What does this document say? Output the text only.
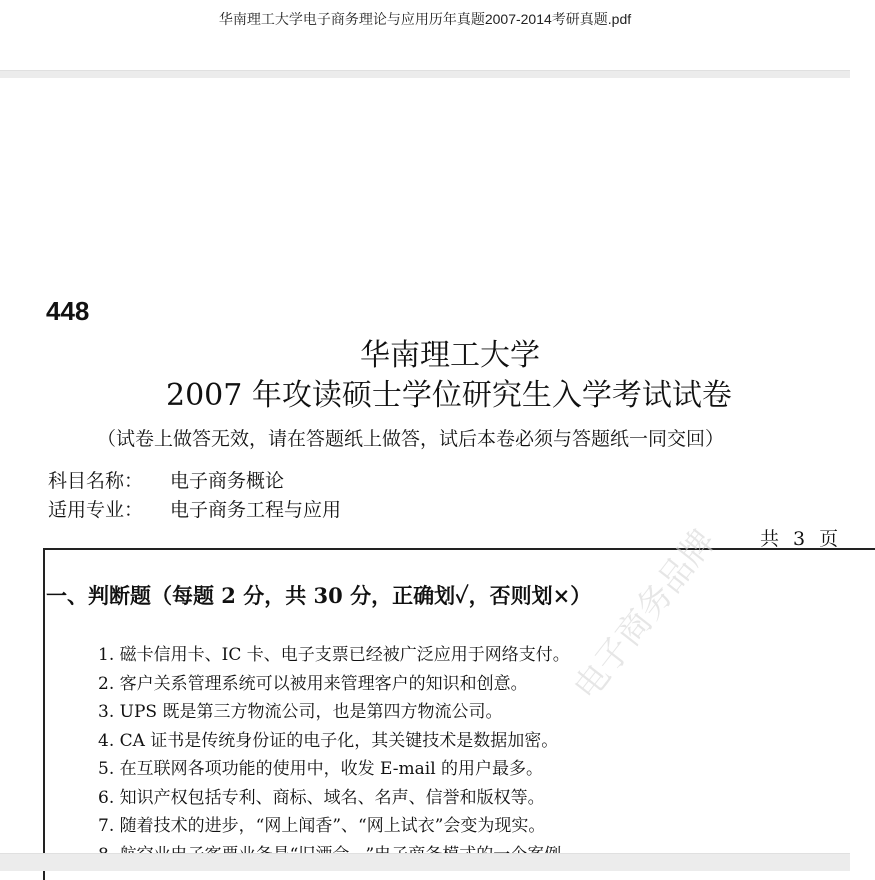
华南理工大学电子商务理论与应用历年真题2007-2014考研真题.pdf
448
华南理工大学
2007 年攻读硕士学位研究生入学考试试卷
（试卷上做答无效，请在答题纸上做答，试后本卷必须与答题纸一同交回）
科目名称： 电子商务概论
适用专业： 电子商务工程与应用
共 3 页
一、判断题（每题 2 分，共 30 分，正确划✓，否则划×）
1. 磁卡信用卡、IC 卡、电子支票已经被广泛应用于网络支付。
2. 客户关系管理系统可以被用来管理客户的知识和创意。
3. UPS 既是第三方物流公司，也是第四方物流公司。
4. CA 证书是传统身份证的电子化，其关键技术是数据加密。
5. 在互联网各项功能的使用中，收发 E-mail 的用户最多。
6. 知识产权包括专利、商标、域名、名声、信誉和版权等。
7. 随着技术的进步，“网上闻香”、“网上试衣”会变为现实。
电子商务品牌
